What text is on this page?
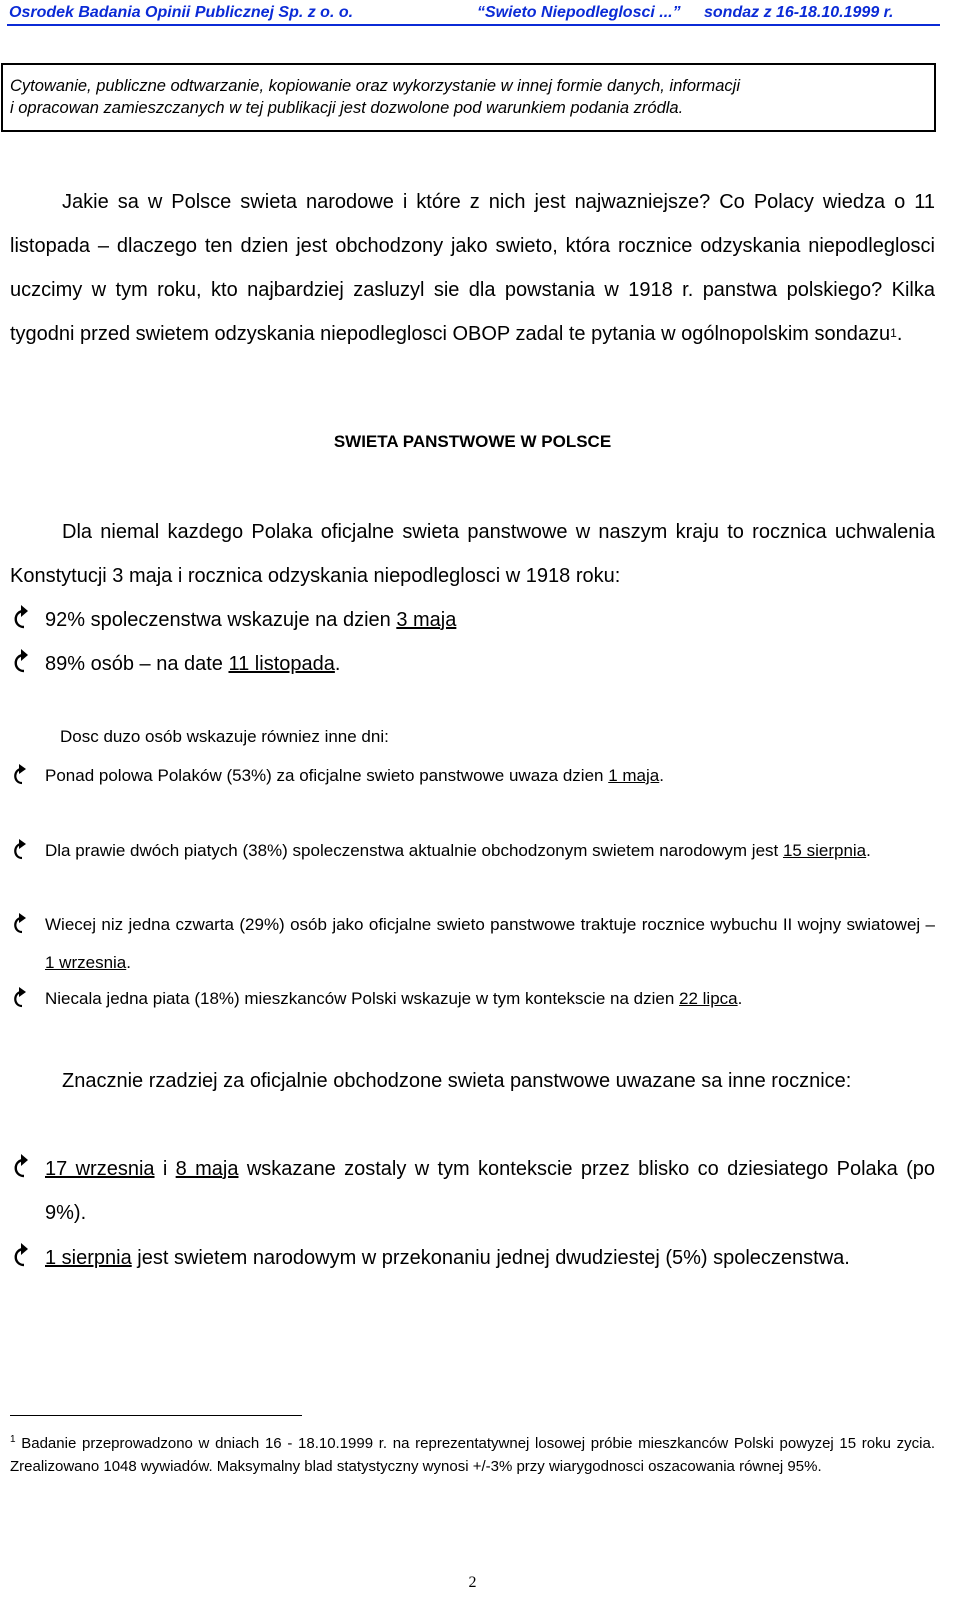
Osrodek Badania Opinii Publicznej Sp. z o. o.	“Swieto Niepodleglosci ...” sondaz z 16-18.10.1999 r.
Cytowanie, publiczne odtwarzanie, kopiowanie oraz wykorzystanie w innej formie danych, informacji
i opracowan zamieszczanych w tej publikacji jest dozwolone pod warunkiem podania zródla.

Jakie sa w Polsce swieta narodowe i które z nich jest najwazniejsze? Co Polacy wiedza o 11 listopada – dlaczego ten dzien jest obchodzony jako swieto, która rocznice odzyskania niepodleglosci uczcimy w tym roku, kto najbardziej zasluzyl sie dla powstania w 1918 r. panstwa polskiego? Kilka tygodni przed swietem odzyskania niepodleglosci OBOP zadal te pytania w ogólnopolskim sondazu$^1$.

SWIETA PANSTWOWE W POLSCE

Dla niemal kazdego Polaka oficjalne swieta panstwowe w naszym kraju to rocznica uchwalenia Konstytucji 3 maja i rocznica odzyskania niepodleglosci w 1918 roku:

92% spoleczenstwa wskazuje na dzien 3 maja
89% osób – na date 11 listopada.
Dosc duzo osób wskazuje równiez inne dni:
Ponad polowa Polaków (53%) za oficjalne swieto panstwowe uwaza dzien 1 maja.
Dla prawie dwóch piatych (38%) spoleczenstwa aktualnie obchodzonym swietem narodowym jest 15 sierpnia.
Wiecej niz jedna czwarta (29%) osób jako oficjalne swieto panstwowe traktuje rocznice wybuchu II wojny swiatowej – 1 wrzesnia.
Niecala jedna piata (18%) mieszkanców Polski wskazuje w tym kontekscie na dzien 22 lipca.

Znacznie rzadziej za oficjalnie obchodzone swieta panstwowe uwazane sa inne rocznice:

17 wrzesnia i 8 maja wskazane zostaly w tym kontekscie przez blisko co dziesiatego Polaka (po 9%).
1 sierpnia jest swietem narodowym w przekonaniu jednej dwudziestej (5%) spoleczenstwa.
$^1$ Badanie przeprowadzono w dniach 16 - 18.10.1999 r. na reprezentatywnej losowej próbie mieszkanców Polski powyzej 15 roku zycia. Zrealizowano 1048 wywiadów. Maksymalny blad statystyczny wynosi +/-3% przy wiarygodnosci oszacowania równej 95%.
2
